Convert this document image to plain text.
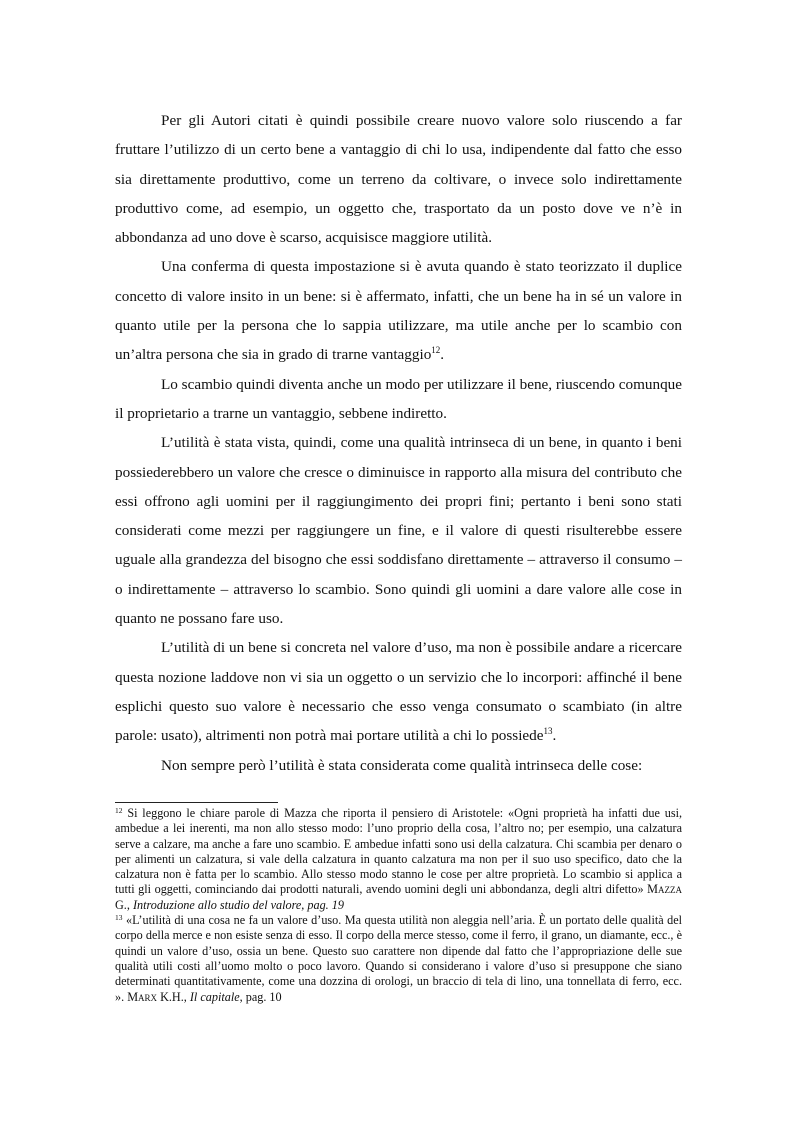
Per gli Autori citati è quindi possibile creare nuovo valore solo riuscendo a far fruttare l’utilizzo di un certo bene a vantaggio di chi lo usa, indipendente dal fatto che esso sia direttamente produttivo, come un terreno da coltivare, o invece solo indirettamente produttivo come, ad esempio, un oggetto che, trasportato da un posto dove ve n’è in abbondanza ad uno dove è scarso, acquisisce maggiore utilità.

Una conferma di questa impostazione si è avuta quando è stato teorizzato il duplice concetto di valore insito in un bene: si è affermato, infatti, che un bene ha in sé un valore in quanto utile per la persona che lo sappia utilizzare, ma utile anche per lo scambio con un’altra persona che sia in grado di trarne vantaggio$^{12}$.

Lo scambio quindi diventa anche un modo per utilizzare il bene, riuscendo comunque il proprietario a trarne un vantaggio, sebbene indiretto.

L’utilità è stata vista, quindi, come una qualità intrinseca di un bene, in quanto i beni possiederebbero un valore che cresce o diminuisce in rapporto alla misura del contributo che essi offrono agli uomini per il raggiungimento dei propri fini; pertanto i beni sono stati considerati come mezzi per raggiungere un fine, e il valore di questi risulterebbe essere uguale alla grandezza del bisogno che essi soddisfano direttamente – attraverso il consumo – o indirettamente – attraverso lo scambio. Sono quindi gli uomini a dare valore alle cose in quanto ne possano fare uso.

L’utilità di un bene si concreta nel valore d’uso, ma non è possibile andare a ricercare questa nozione laddove non vi sia un oggetto o un servizio che lo incorpori: affinché il bene esplichi questo suo valore è necessario che esso venga consumato o scambiato (in altre parole: usato), altrimenti non potrà mai portare utilità a chi lo possiede$^{13}$.

Non sempre però l’utilità è stata considerata come qualità intrinseca delle cose:

$^{12}$ Si leggono le chiare parole di Mazza che riporta il pensiero di Aristotele: «Ogni proprietà ha infatti due usi, ambedue a lei inerenti, ma non allo stesso modo: l’uno proprio della cosa, l’altro no; per esempio, una calzatura serve a calzare, ma anche a fare uno scambio. E ambedue infatti sono usi della calzatura. Chi scambia per denaro o per alimenti un calzatura, si vale della calzatura in quanto calzatura ma non per il suo uso specifico, dato che la calzatura non è fatta per lo scambio. Allo stesso modo stanno le cose per altre proprietà. Lo scambio si applica a tutti gli oggetti, cominciando dai prodotti naturali, avendo uomini degli uni abbondanza, degli altri difetto» Mazza G., Introduzione allo studio del valore, pag. 19

$^{13}$ «L’utilità di una cosa ne fa un valore d’uso. Ma questa utilità non aleggia nell’aria. È un portato delle qualità del corpo della merce e non esiste senza di esso. Il corpo della merce stesso, come il ferro, il grano, un diamante, ecc., è quindi un valore d’uso, ossia un bene. Questo suo carattere non dipende dal fatto che l’appropriazione delle sue qualità utili costi all’uomo molto o poco lavoro. Quando si considerano i valore d’uso si presuppone che siano determinati quantitativamente, come una dozzina di orologi, un braccio di tela di lino, una tonnellata di ferro, ecc. ». Marx K.H., Il capitale, pag. 10
